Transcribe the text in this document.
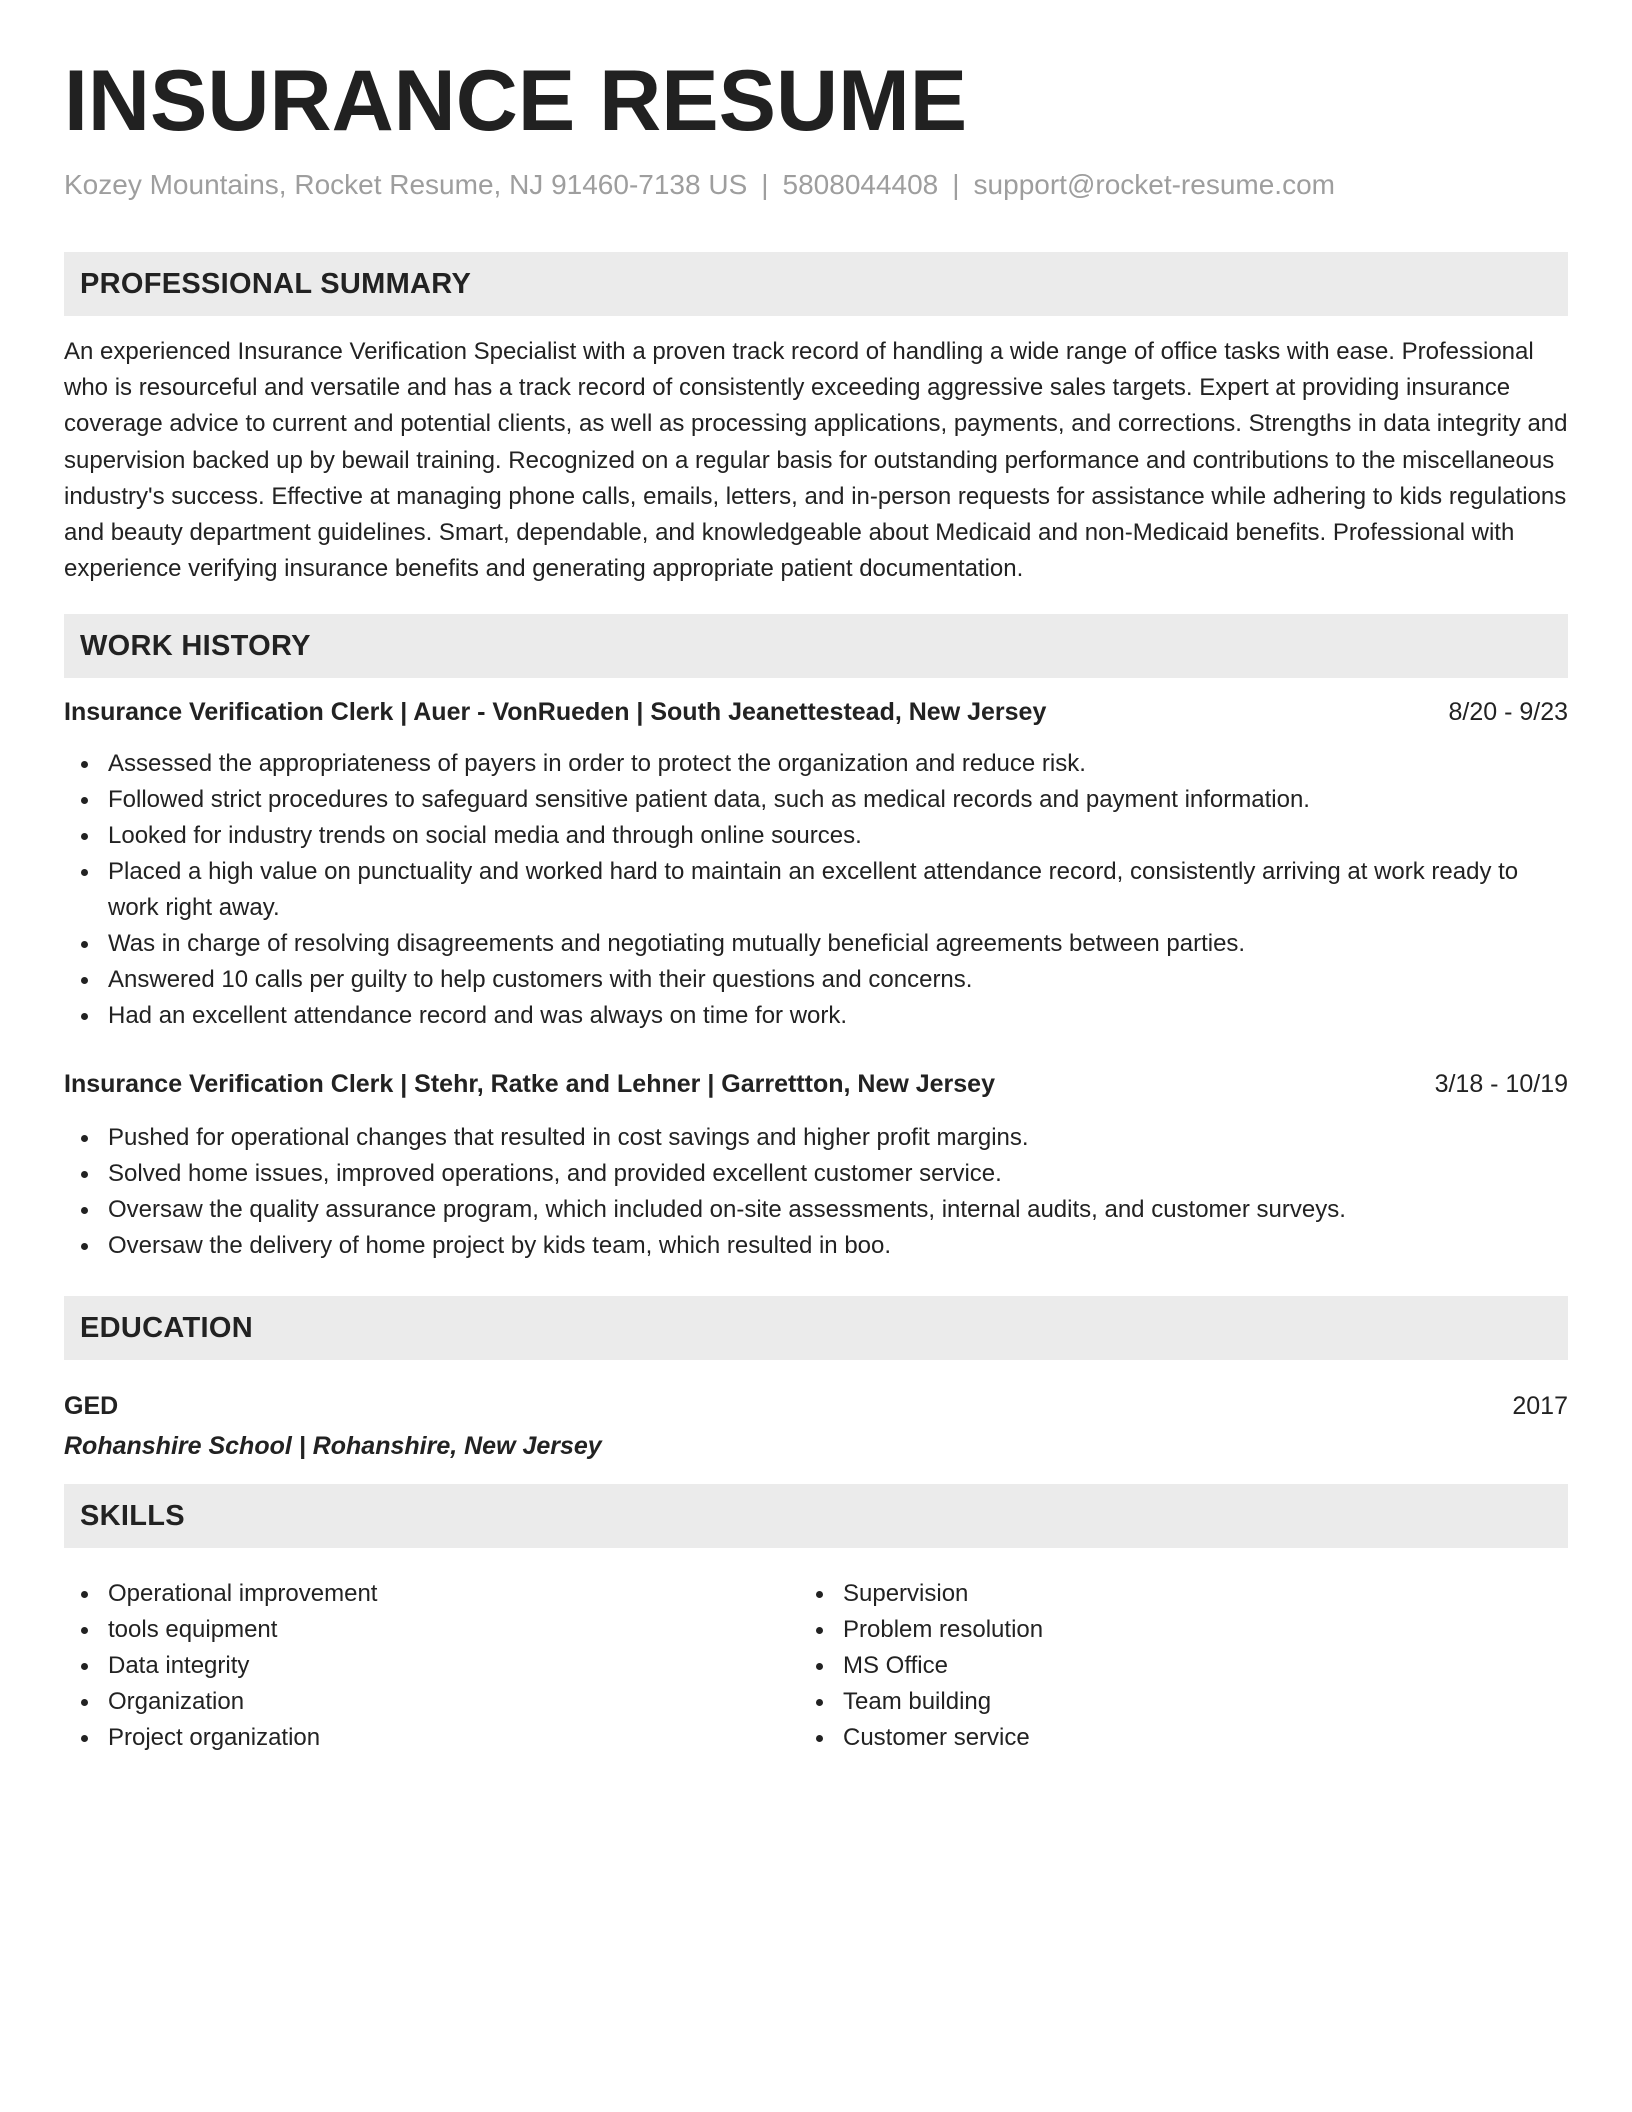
INSURANCE RESUME
Kozey Mountains, Rocket Resume, NJ 91460-7138 US | 5808044408 | support@rocket-resume.com
PROFESSIONAL SUMMARY

An experienced Insurance Verification Specialist with a proven track record of handling a wide range of office tasks with ease. Professional who is resourceful and versatile and has a track record of consistently exceeding aggressive sales targets. Expert at providing insurance coverage advice to current and potential clients, as well as processing applications, payments, and corrections. Strengths in data integrity and supervision backed up by bewail training. Recognized on a regular basis for outstanding performance and contributions to the miscellaneous industry's success. Effective at managing phone calls, emails, letters, and in-person requests for assistance while adhering to kids regulations and beauty department guidelines. Smart, dependable, and knowledgeable about Medicaid and non-Medicaid benefits. Professional with experience verifying insurance benefits and generating appropriate patient documentation.

WORK HISTORY
Insurance Verification Clerk | Auer - VonRueden | South Jeanettestead, New Jersey	8/20 - 9/23
Assessed the appropriateness of payers in order to protect the organization and reduce risk.
Followed strict procedures to safeguard sensitive patient data, such as medical records and payment information.
Looked for industry trends on social media and through online sources.
Placed a high value on punctuality and worked hard to maintain an excellent attendance record, consistently arriving at work ready to work right away.
Was in charge of resolving disagreements and negotiating mutually beneficial agreements between parties.
Answered 10 calls per guilty to help customers with their questions and concerns.
Had an excellent attendance record and was always on time for work.
Insurance Verification Clerk | Stehr, Ratke and Lehner | Garrettton, New Jersey	3/18 - 10/19
Pushed for operational changes that resulted in cost savings and higher profit margins.
Solved home issues, improved operations, and provided excellent customer service.
Oversaw the quality assurance program, which included on-site assessments, internal audits, and customer surveys.
Oversaw the delivery of home project by kids team, which resulted in boo.
EDUCATION
GED	2017
Rohanshire School | Rohanshire, New Jersey
SKILLS
Operational improvement
tools equipment
Data integrity
Organization
Project organization
Supervision
Problem resolution
MS Office
Team building
Customer service
